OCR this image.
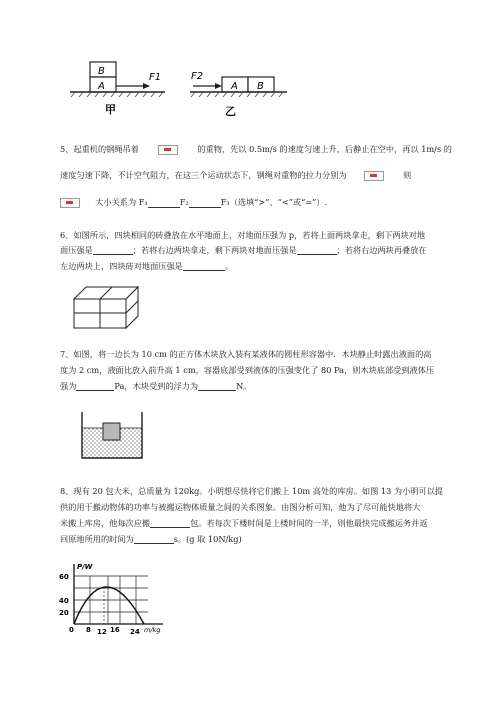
B
A
F1
甲
F2
A B
乙
5、起重机的钢绳吊着	的重物，先以 0.5m/s 的速度匀速上升，后静止在空中，再以 1m/s 的
速度匀速下降，不计空气阻力，在这三个运动状态下，钢绳对重物的拉力分别为	则
大小关系为 F₁	F₂	F₃（选填“>”、“<”或“=”）.
6、如图所示，四块相同的砖叠放在水平地面上，对地面压强为 p，若将上面两块拿走，剩下两块对地
面压强是	；若将右边两块拿走，剩下两块对地面压强是	；若将右边两块再叠放在
左边两块上，四块砖对地面压强是	。
7、如图，将一边长为 10 cm 的正方体木块放入装有某液体的圆柱形容器中．木块静止时露出液面的高
度为 2 cm，液面比放入前升高 1 cm，容器底部受到液体的压强变化了 80 Pa，则木块底部受到液体压
强为	Pa，木块受到的浮力为	N。
8、现有 20 包大米，总质量为 120kg。小明想尽快将它们搬上 10m 高处的库房。如图 13 为小明可以提
供的用于搬动物体的功率与被搬运物体质量之间的关系图象。由图分析可知，他为了尽可能快地将大
米搬上库房，他每次应搬	包。若每次下楼时间是上楼时间的一半，则他最快完成搬运务并返
回原地所用的时间为	s。(g 取 10N/kg)
P/W
60
40
20
0 8 12 16 24 m/kg
